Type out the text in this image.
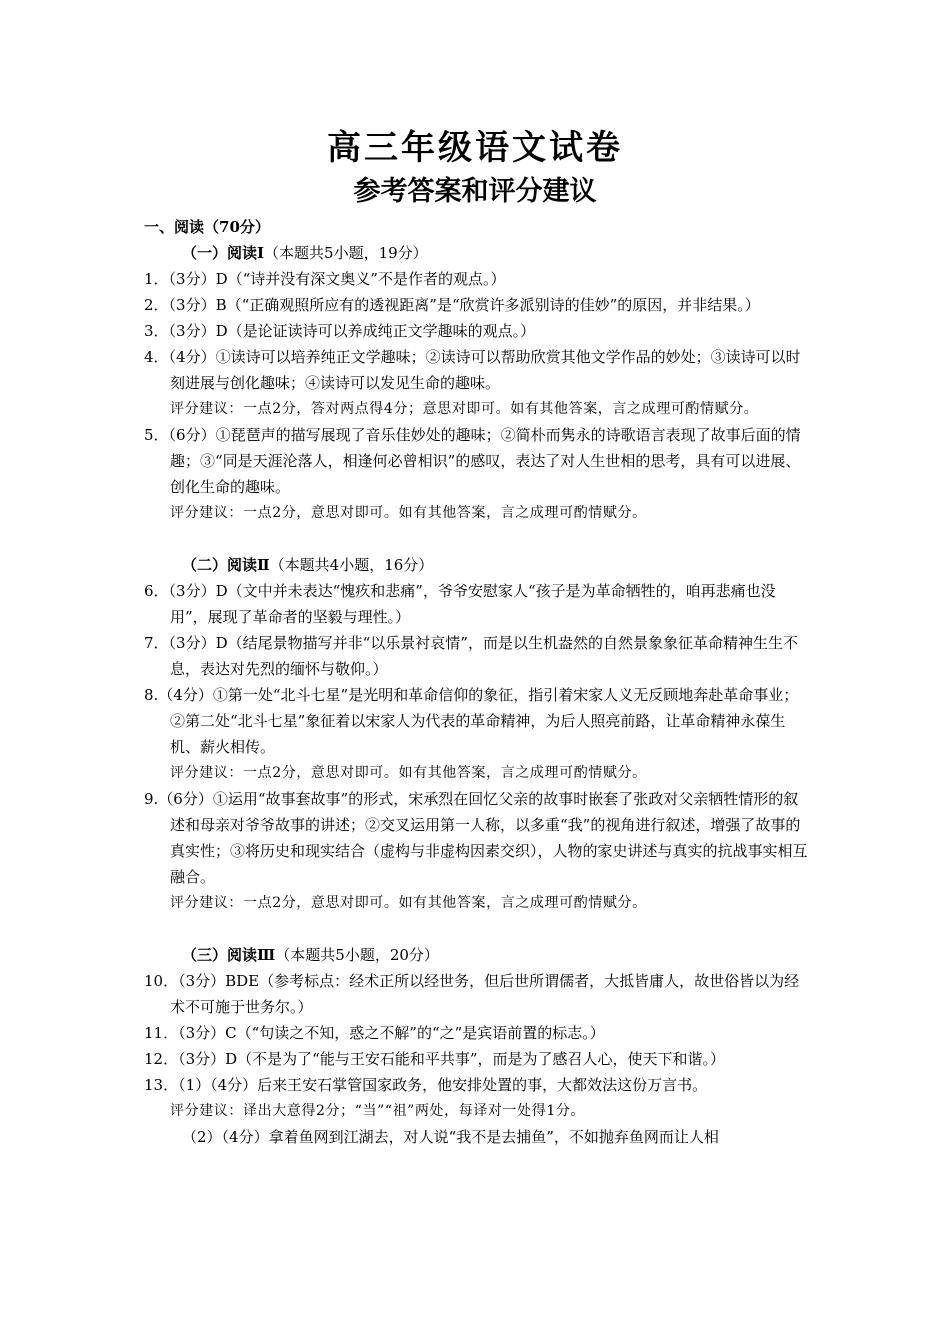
高三年级语文试卷
参考答案和评分建议
一、阅读（70分）
（一）阅读Ⅰ（本题共5小题，19分）
1．（3分）D（“诗并没有深文奥义”不是作者的观点。）
2．（3分）B（“正确观照所应有的透视距离”是“欣赏许多派别诗的佳妙”的原因，并非结果。）
3．（3分）D（是论证读诗可以养成纯正文学趣味的观点。）
4．（4分）①读诗可以培养纯正文学趣味；②读诗可以帮助欣赏其他文学作品的妙处；③读诗可以时刻进展与创化趣味；④读诗可以发见生命的趣味。
评分建议：一点2分，答对两点得4分；意思对即可。如有其他答案，言之成理可酌情赋分。
5．（6分）①琵琶声的描写展现了音乐佳妙处的趣味；②简朴而隽永的诗歌语言表现了故事后面的情趣；③“同是天涯沦落人，相逢何必曾相识”的感叹，表达了对人生世相的思考，具有可以进展、创化生命的趣味。
评分建议：一点2分，意思对即可。如有其他答案，言之成理可酌情赋分。
（二）阅读Ⅱ（本题共4小题，16分）
6．（3分）D（文中并未表达“愧疚和悲痛”，爷爷安慰家人“孩子是为革命牺牲的，咱再悲痛也没用”，展现了革命者的坚毅与理性。）
7．（3分）D（结尾景物描写并非“以乐景衬哀情”，而是以生机盎然的自然景象象征革命精神生生不息，表达对先烈的缅怀与敬仰。）
8.（4分）①第一处“北斗七星”是光明和革命信仰的象征，指引着宋家人义无反顾地奔赴革命事业；②第二处“北斗七星”象征着以宋家人为代表的革命精神，为后人照亮前路，让革命精神永葆生机、薪火相传。
评分建议：一点2分，意思对即可。如有其他答案，言之成理可酌情赋分。
9.（6分）①运用“故事套故事”的形式，宋承烈在回忆父亲的故事时嵌套了张政对父亲牺牲情形的叙述和母亲对爷爷故事的讲述；②交叉运用第一人称，以多重“我”的视角进行叙述，增强了故事的真实性；③将历史和现实结合（虚构与非虚构因素交织），人物的家史讲述与真实的抗战事实相互融合。
评分建议：一点2分，意思对即可。如有其他答案，言之成理可酌情赋分。
（三）阅读Ⅲ（本题共5小题，20分）
10．（3分）BDE（参考标点：经术正所以经世务，但后世所谓儒者，大抵皆庸人，故世俗皆以为经术不可施于世务尔。）
11．（3分）C（“句读之不知，惑之不解”的“之”是宾语前置的标志。）
12．（3分）D（不是为了“能与王安石能和平共事”，而是为了感召人心，使天下和谐。）
13．（1）（4分）后来王安石掌管国家政务，他安排处置的事，大都效法这份万言书。
评分建议：译出大意得2分；“当”“祖”两处，每译对一处得1分。
（2）（4分）拿着鱼网到江湖去，对人说“我不是去捕鱼”，不如抛弃鱼网而让人相
